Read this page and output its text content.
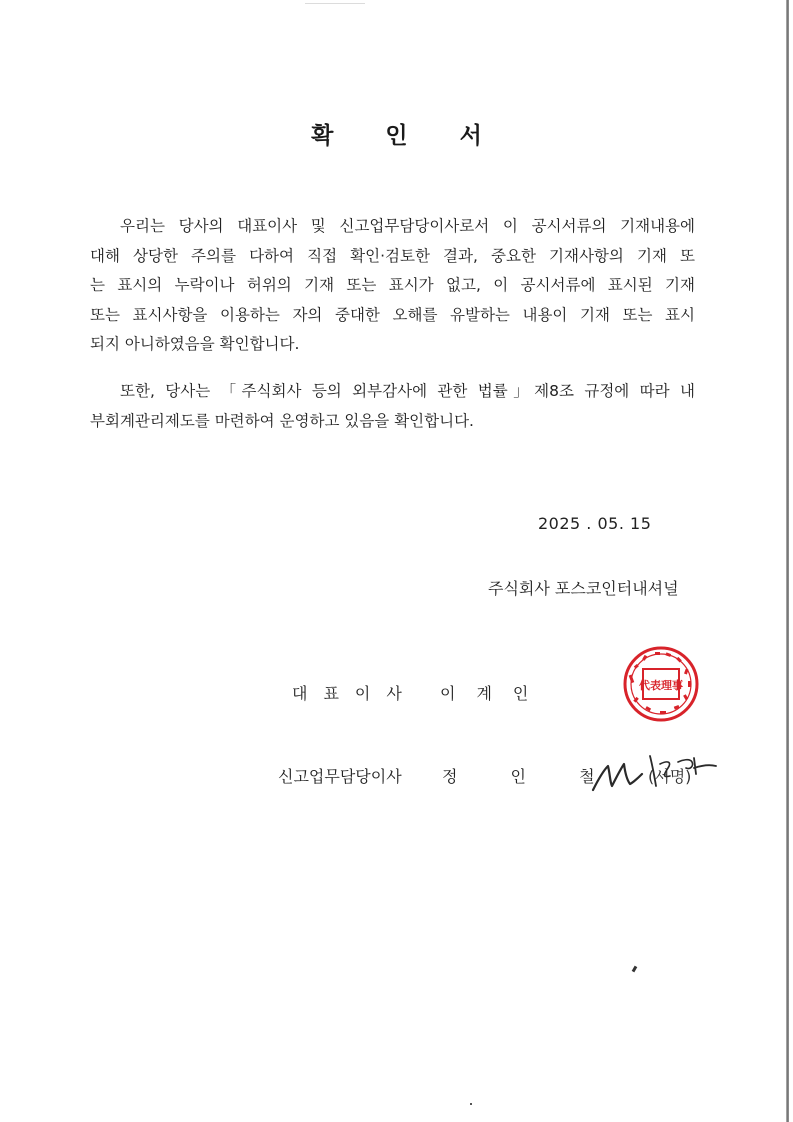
확 인 서
우리는 당사의 대표이사 및 신고업무담당이사로서 이 공시서류의 기재내용에
대해 상당한 주의를 다하여 직접 확인·검토한 결과, 중요한 기재사항의 기재 또
는 표시의 누락이나 허위의 기재 또는 표시가 없고, 이 공시서류에 표시된 기재
또는 표시사항을 이용하는 자의 중대한 오해를 유발하는 내용이 기재 또는 표시
되지 아니하였음을 확인합니다.
또한, 당사는 「주식회사 등의 외부감사에 관한 법률」제8조 규정에 따라 내
부회계관리제도를 마련하여 운영하고 있음을 확인합니다.
2025 . 05. 15
주식회사 포스코인터내셔널
代表理事
대표이사 이계인
신고업무담당이사	정 인 철 (서명)
